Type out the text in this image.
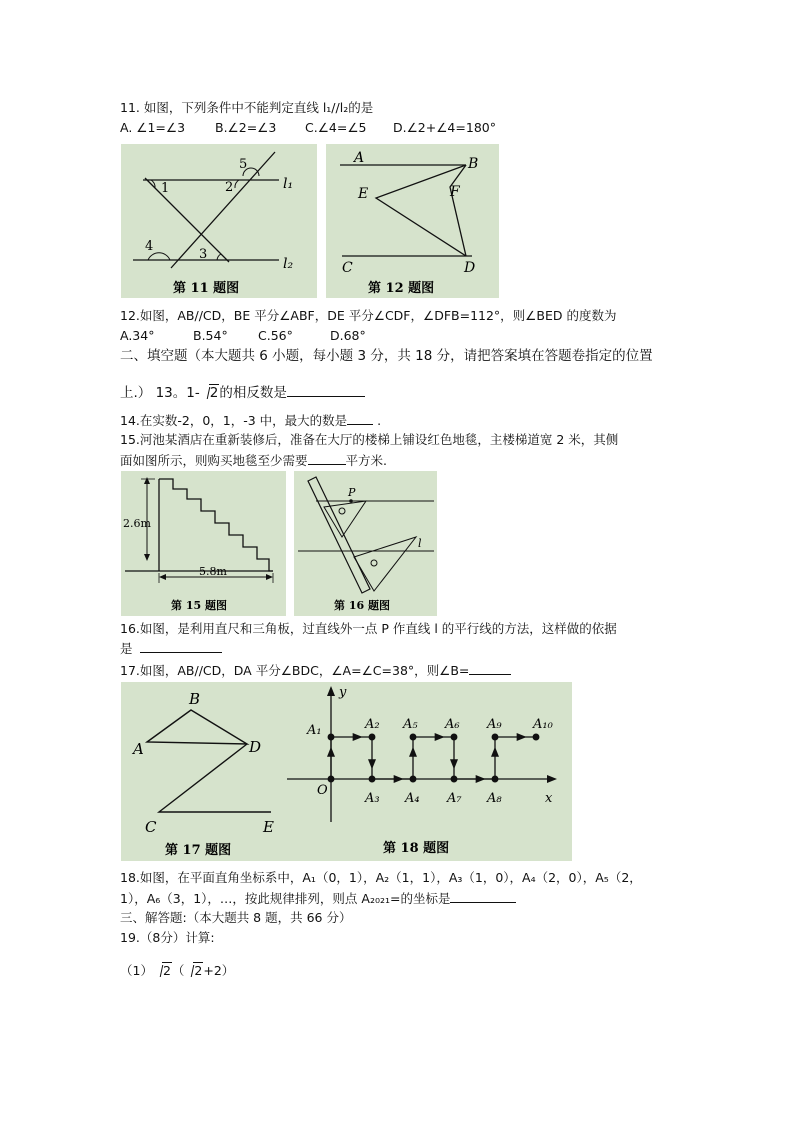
11. 如图，下列条件中不能判定直线 l₁//l₂的是
A. ∠1=∠3 B.∠2=∠3 C.∠4=∠5 D.∠2+∠4=180°
1	2
3
4
5
l₁
l₂
第 11 题图
A	B
E	F
C	D
第 12 题图
12.如图，AB//CD，BE 平分∠ABF，DE 平分∠CDF，∠DFB=112°，则∠BED 的度数为
A.34°	B.54° C.56°	D.68°
二、填空题（本大题共 6 小题，每小题 3 分，共 18 分，请把答案填在答题卷指定的位置
上.） 13。1- 2的相反数是
14.在实数-2，0，1，-3 中，最大的数是 .
15.河池某酒店在重新装修后，准备在大厅的楼梯上铺设红色地毯，主楼梯道宽 2 米，其侧
面如图所示，则购买地毯至少需要	平方米.
2.6m
5.8m
第 15 题图
P
l
第 16 题图
16.如图，是利用直尺和三角板，过直线外一点 P 作直线 l 的平行线的方法，这样做的依据
是
17.如图，AB//CD，DA 平分∠BDC，∠A=∠C=38°，则∠B=
B
A	D
C	E
第 17 题图
y
x
O
A₁	A₂
A₃ A₄
A₅ A₆
A₇ A₈
A₉ A₁₀
第 18 题图
18.如图，在平面直角坐标系中，A₁（0，1），A₂（1，1），A₃（1，0），A₄（2，0），A₅（2，
1），A₆（3，1），…，按此规律排列，则点 A₂₀₂₁=的坐标是
三、解答题:（本大题共 8 题，共 66 分）
19.（8分）计算:
（1） 2（ 2+2）
